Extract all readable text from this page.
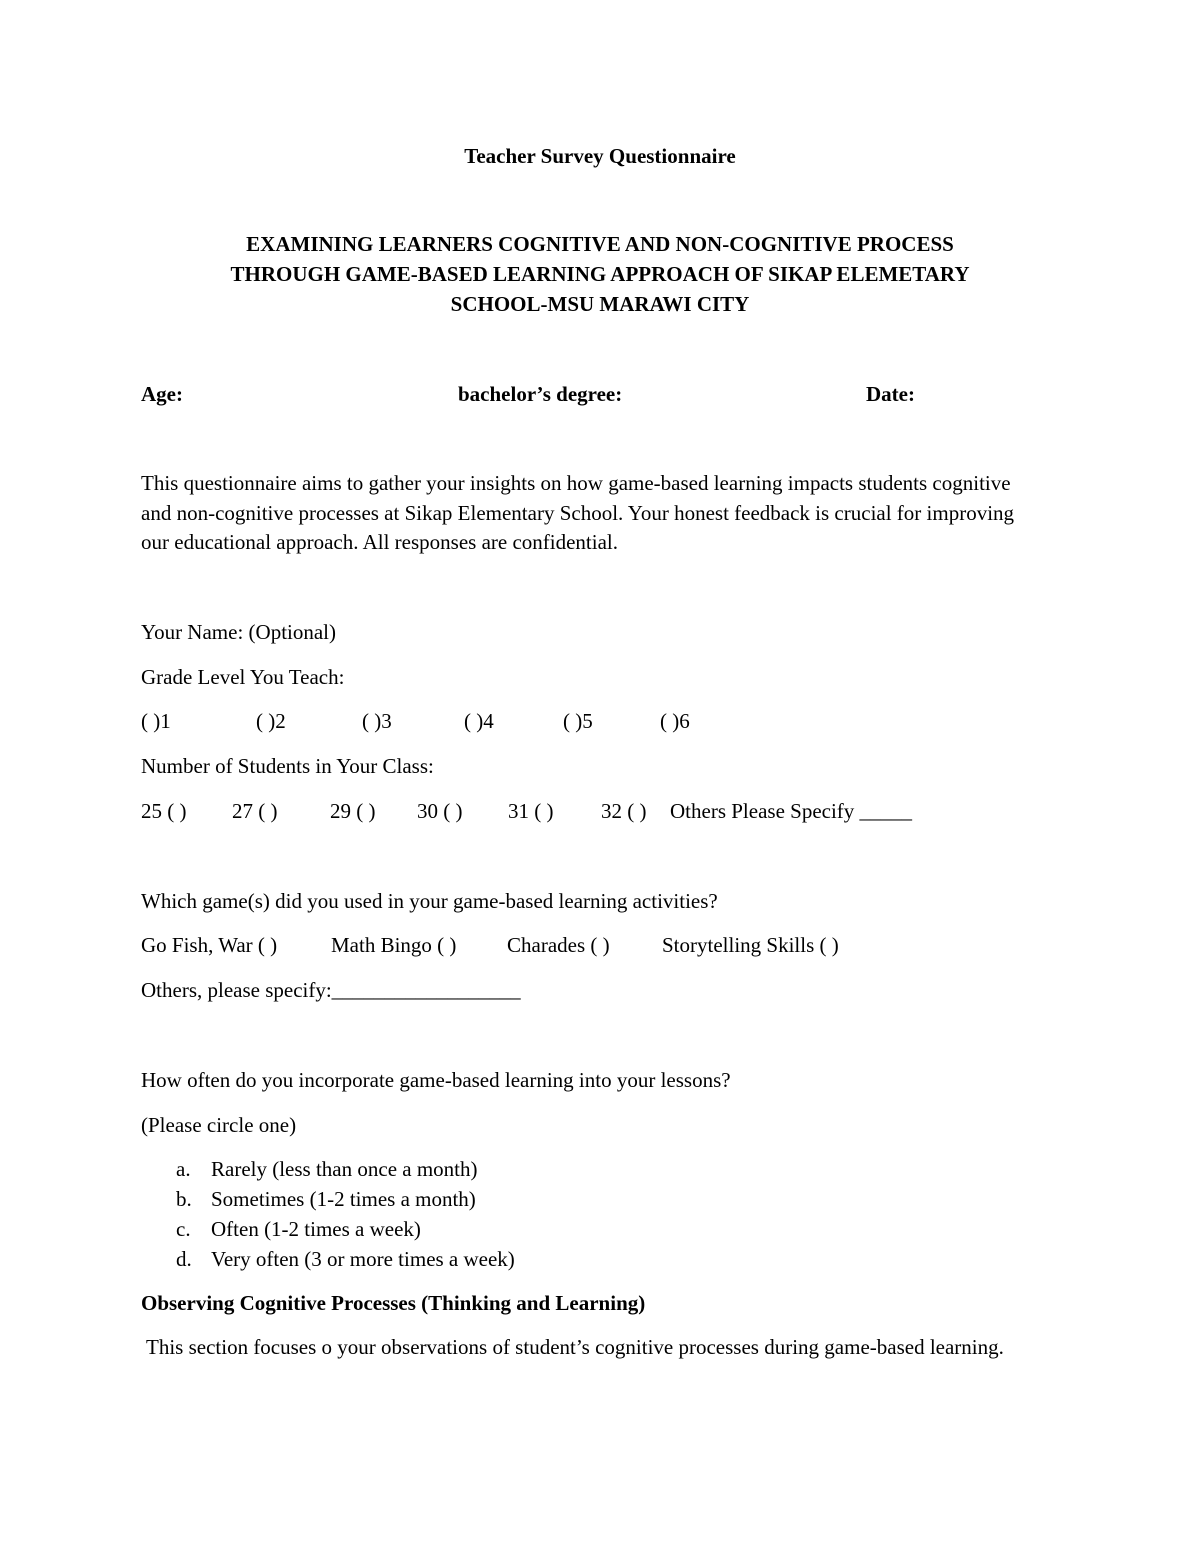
Teacher Survey Questionnaire
EXAMINING LEARNERS COGNITIVE AND NON-COGNITIVE PROCESS
THROUGH GAME-BASED LEARNING APPROACH OF SIKAP ELEMETARY
SCHOOL-MSU MARAWI CITY
Age:	bachelor’s degree:	Date:
This questionnaire aims to gather your insights on how game-based learning impacts students cognitive and non-cognitive processes at Sikap Elementary School. Your honest feedback is crucial for improving our educational approach. All responses are confidential.
Your Name: (Optional)
Grade Level You Teach:
( )1	( )2	( )3	( )4	( )5	( )6
Number of Students in Your Class:
25 ( ) 27 ( )	29 ( ) 30 ( ) 31 ( ) 32 ( ) Others Please Specify _____
Which game(s) did you used in your game-based learning activities?
Go Fish, War ( )	Math Bingo ( ) Charades ( ) Storytelling Skills ( )
Others, please specify:__________________
How often do you incorporate game-based learning into your lessons?
(Please circle one)
a. Rarely (less than once a month)
b. Sometimes (1-2 times a month)
c. Often (1-2 times a week)
d. Very often (3 or more times a week)
Observing Cognitive Processes (Thinking and Learning)
This section focuses o your observations of student’s cognitive processes during game-based learning.
